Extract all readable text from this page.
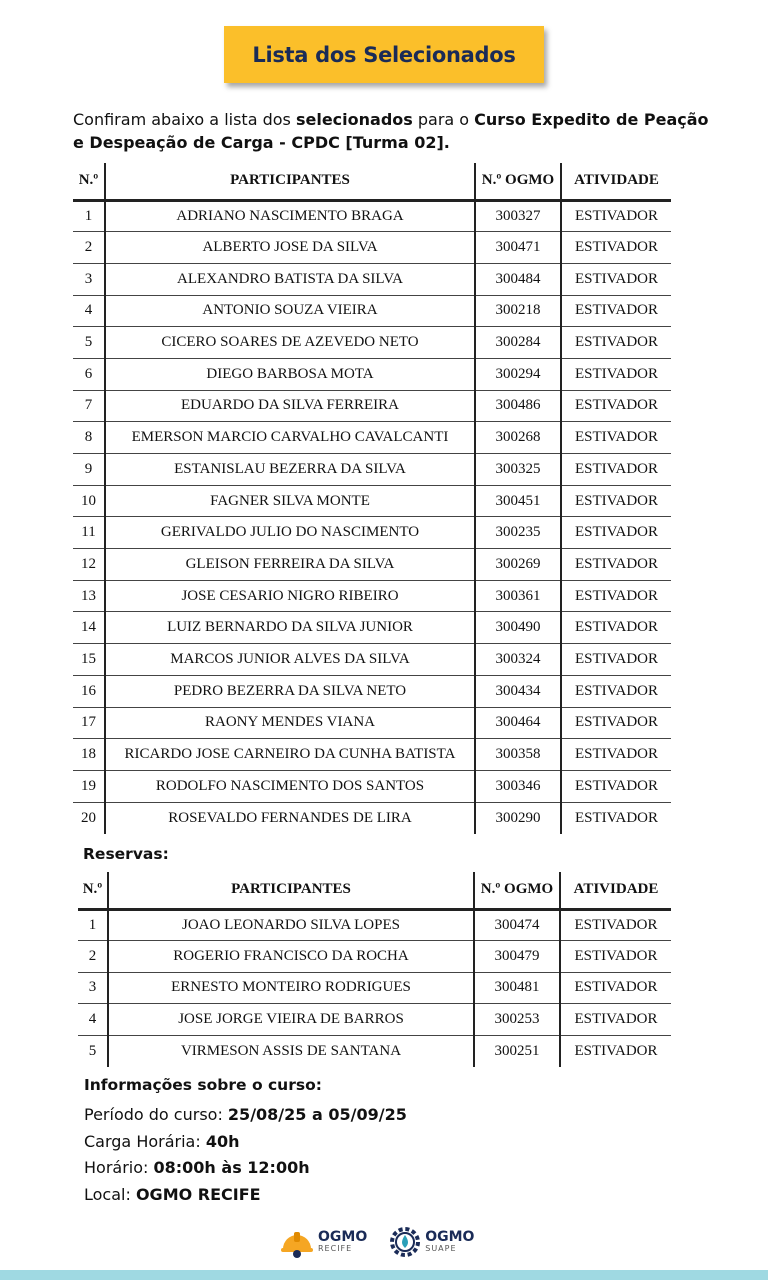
Lista dos Selecionados

Confiram abaixo a lista dos selecionados para o Curso Expedito de Peação e Despeação de Carga - CPDC [Turma 02].

N.º	PARTICIPANTES	N.º OGMO	ATIVIDADE
1	ADRIANO NASCIMENTO BRAGA	300327	ESTIVADOR
2	ALBERTO JOSE DA SILVA	300471	ESTIVADOR
3	ALEXANDRO BATISTA DA SILVA	300484	ESTIVADOR
4	ANTONIO SOUZA VIEIRA	300218	ESTIVADOR
5	CICERO SOARES DE AZEVEDO NETO	300284	ESTIVADOR
6	DIEGO BARBOSA MOTA	300294	ESTIVADOR
7	EDUARDO DA SILVA FERREIRA	300486	ESTIVADOR
8	EMERSON MARCIO CARVALHO CAVALCANTI	300268	ESTIVADOR
9	ESTANISLAU BEZERRA DA SILVA	300325	ESTIVADOR
10	FAGNER SILVA MONTE	300451	ESTIVADOR
11	GERIVALDO JULIO DO NASCIMENTO	300235	ESTIVADOR
12	GLEISON FERREIRA DA SILVA	300269	ESTIVADOR
13	JOSE CESARIO NIGRO RIBEIRO	300361	ESTIVADOR
14	LUIZ BERNARDO DA SILVA JUNIOR	300490	ESTIVADOR
15	MARCOS JUNIOR ALVES DA SILVA	300324	ESTIVADOR
16	PEDRO BEZERRA DA SILVA NETO	300434	ESTIVADOR
17	RAONY MENDES VIANA	300464	ESTIVADOR
18	RICARDO JOSE CARNEIRO DA CUNHA BATISTA	300358	ESTIVADOR
19	RODOLFO NASCIMENTO DOS SANTOS	300346	ESTIVADOR
20	ROSEVALDO FERNANDES DE LIRA	300290	ESTIVADOR
Reservas:
N.º	PARTICIPANTES	N.º OGMO	ATIVIDADE
1	JOAO LEONARDO SILVA LOPES	300474	ESTIVADOR
2	ROGERIO FRANCISCO DA ROCHA	300479	ESTIVADOR
3	ERNESTO MONTEIRO RODRIGUES	300481	ESTIVADOR
4	JOSE JORGE VIEIRA DE BARROS	300253	ESTIVADOR
5	VIRMESON ASSIS DE SANTANA	300251	ESTIVADOR
Informações sobre o curso:
Período do curso: 25/08/25 a 05/09/25
Carga Horária: 40h
Horário: 08:00h às 12:00h
Local: OGMO RECIFE
OGMO
RECIFE
OGMO
SUAPE
